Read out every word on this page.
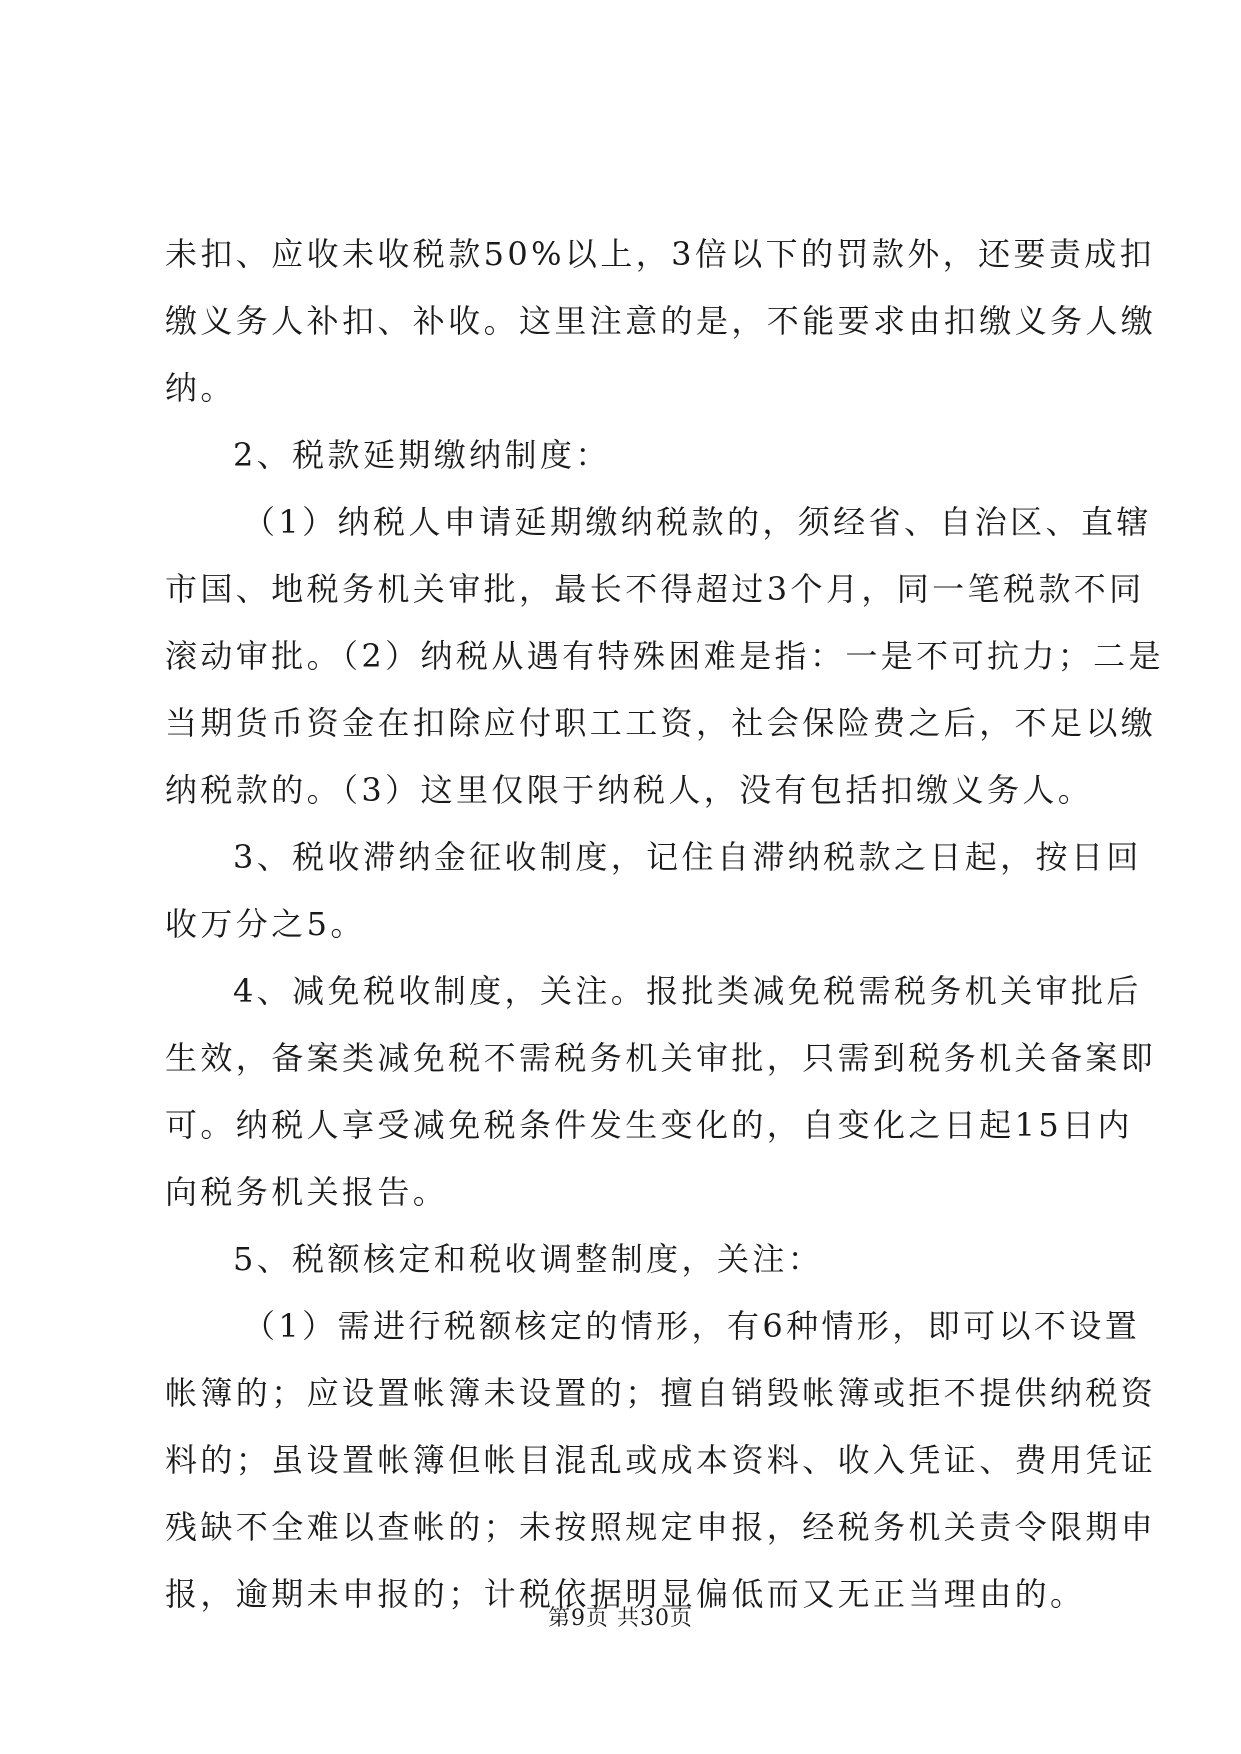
未扣、应收未收税款50%以上，3倍以下的罚款外，还要责成扣
缴义务人补扣、补收。这里注意的是，不能要求由扣缴义务人缴
纳。
2、税款延期缴纳制度：
（1）纳税人申请延期缴纳税款的，须经省、自治区、直辖
市国、地税务机关审批，最长不得超过3个月，同一笔税款不同
滚动审批。（2）纳税从遇有特殊困难是指：一是不可抗力；二是
当期货币资金在扣除应付职工工资，社会保险费之后，不足以缴
纳税款的。（3）这里仅限于纳税人，没有包括扣缴义务人。
3、税收滞纳金征收制度，记住自滞纳税款之日起，按日回
收万分之5。
4、减免税收制度，关注。报批类减免税需税务机关审批后
生效，备案类减免税不需税务机关审批，只需到税务机关备案即
可。纳税人享受减免税条件发生变化的，自变化之日起15日内
向税务机关报告。
5、税额核定和税收调整制度，关注：
（1）需进行税额核定的情形，有6种情形，即可以不设置
帐簿的；应设置帐簿未设置的；擅自销毁帐簿或拒不提供纳税资
料的；虽设置帐簿但帐目混乱或成本资料、收入凭证、费用凭证
残缺不全难以查帐的；未按照规定申报，经税务机关责令限期申
报，逾期未申报的；计税依据明显偏低而又无正当理由的。
第9页 共30页
